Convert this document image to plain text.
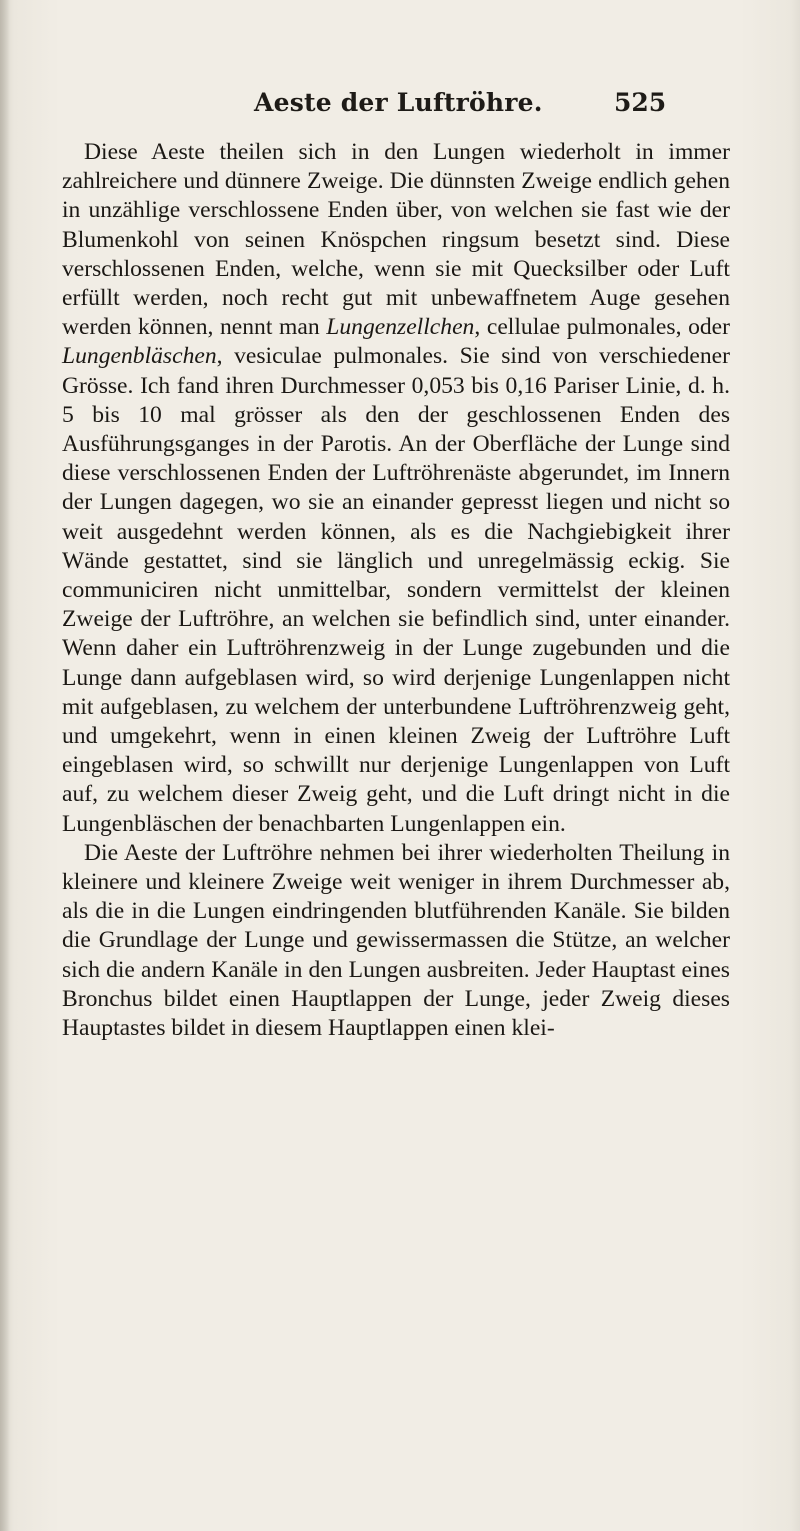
Aeste der Luftröhre.	525

Diese Aeste theilen sich in den Lungen wiederholt in immer zahlreichere und dünnere Zweige. Die dünnsten Zweige endlich gehen in unzählige verschlossene Enden über, von welchen sie fast wie der Blumenkohl von seinen Knöspchen ringsum besetzt sind. Diese verschlossenen Enden, welche, wenn sie mit Quecksilber oder Luft erfüllt werden, noch recht gut mit unbewaffnetem Auge gesehen werden können, nennt man Lungenzellchen, cellulae pulmonales, oder Lungenbläschen, vesiculae pulmonales. Sie sind von verschiedener Grösse. Ich fand ihren Durchmesser 0,053 bis 0,16 Pariser Linie, d. h. 5 bis 10 mal grösser als den der geschlossenen Enden des Ausführungsganges in der Parotis. An der Oberfläche der Lunge sind diese verschlossenen Enden der Luftröhrenäste abgerundet, im Innern der Lungen dagegen, wo sie an einander gepresst liegen und nicht so weit ausgedehnt werden können, als es die Nachgiebigkeit ihrer Wände gestattet, sind sie länglich und unregelmässig eckig. Sie communiciren nicht unmittelbar, sondern vermittelst der kleinen Zweige der Luftröhre, an welchen sie befindlich sind, unter einander. Wenn daher ein Luftröhrenzweig in der Lunge zugebunden und die Lunge dann aufgeblasen wird, so wird derjenige Lungenlappen nicht mit aufgeblasen, zu welchem der unterbundene Luftröhrenzweig geht, und umgekehrt, wenn in einen kleinen Zweig der Luftröhre Luft eingeblasen wird, so schwillt nur derjenige Lungenlappen von Luft auf, zu welchem dieser Zweig geht, und die Luft dringt nicht in die Lungenbläschen der benachbarten Lungenlappen ein.

Die Aeste der Luftröhre nehmen bei ihrer wiederholten Theilung in kleinere und kleinere Zweige weit weniger in ihrem Durchmesser ab, als die in die Lungen eindringenden blutführenden Kanäle. Sie bilden die Grundlage der Lunge und gewissermassen die Stütze, an welcher sich die andern Kanäle in den Lungen ausbreiten. Jeder Hauptast eines Bronchus bildet einen Hauptlappen der Lunge, jeder Zweig dieses Hauptastes bildet in diesem Hauptlappen einen klei-
